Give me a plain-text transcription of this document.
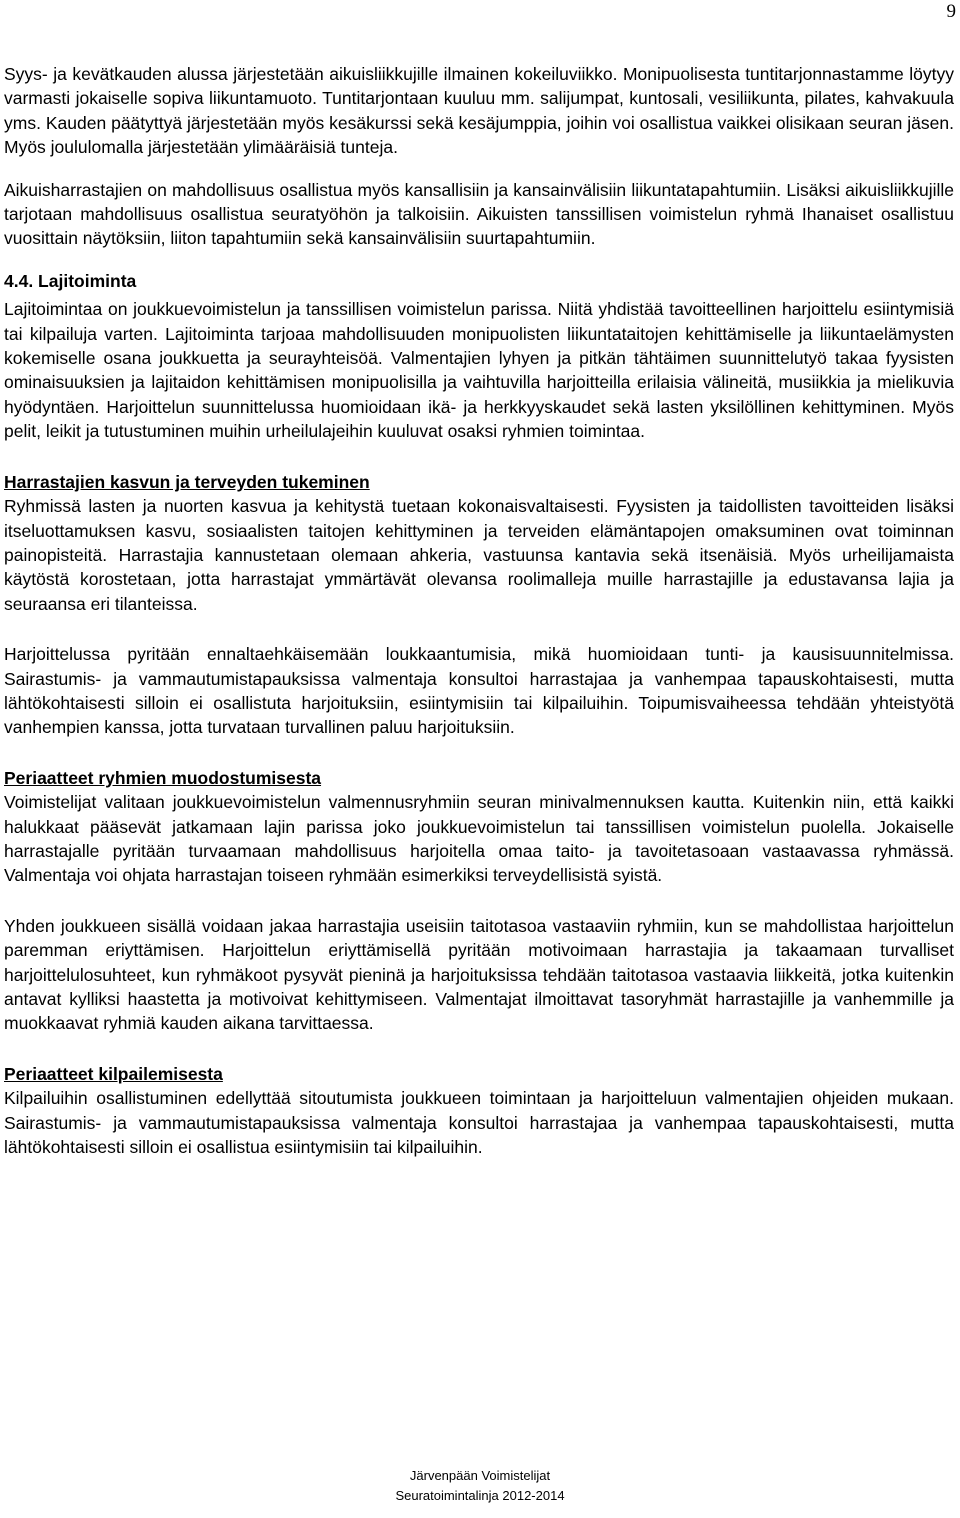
9

Syys- ja kevätkauden alussa järjestetään aikuisliikkujille ilmainen kokeiluviikko. Monipuolisesta tuntitarjonnastamme löytyy varmasti jokaiselle sopiva liikuntamuoto. Tuntitarjontaan kuuluu mm. salijumpat, kuntosali, vesiliikunta, pilates, kahvakuula yms. Kauden päätyttyä järjestetään myös kesäkurssi sekä kesäjumppia, joihin voi osallistua vaikkei olisikaan seuran jäsen. Myös joululomalla järjestetään ylimääräisiä tunteja.

Aikuisharrastajien on mahdollisuus osallistua myös kansallisiin ja kansainvälisiin liikuntatapahtumiin. Lisäksi aikuisliikkujille tarjotaan mahdollisuus osallistua seuratyöhön ja talkoisiin. Aikuisten tanssillisen voimistelun ryhmä Ihanaiset osallistuu vuosittain näytöksiin, liiton tapahtumiin sekä kansainvälisiin suurtapahtumiin.

4.4. Lajitoiminta

Lajitoimintaa on joukkuevoimistelun ja tanssillisen voimistelun parissa. Niitä yhdistää tavoitteellinen harjoittelu esiintymisiä tai kilpailuja varten. Lajitoiminta tarjoaa mahdollisuuden monipuolisten liikuntataitojen kehittämiselle ja liikuntaelämysten kokemiselle osana joukkuetta ja seurayhteisöä. Valmentajien lyhyen ja pitkän tähtäimen suunnittelutyö takaa fyysisten ominaisuuksien ja lajitaidon kehittämisen monipuolisilla ja vaihtuvilla harjoitteilla erilaisia välineitä, musiikkia ja mielikuvia hyödyntäen. Harjoittelun suunnittelussa huomioidaan ikä- ja herkkyyskaudet sekä lasten yksilöllinen kehittyminen. Myös pelit, leikit ja tutustuminen muihin urheilulajeihin kuuluvat osaksi ryhmien toimintaa.

Harrastajien kasvun ja terveyden tukeminen

Ryhmissä lasten ja nuorten kasvua ja kehitystä tuetaan kokonaisvaltaisesti. Fyysisten ja taidollisten tavoitteiden lisäksi itseluottamuksen kasvu, sosiaalisten taitojen kehittyminen ja terveiden elämäntapojen omaksuminen ovat toiminnan painopisteitä. Harrastajia kannustetaan olemaan ahkeria, vastuunsa kantavia sekä itsenäisiä. Myös urheilijamaista käytöstä korostetaan, jotta harrastajat ymmärtävät olevansa roolimalleja muille harrastajille ja edustavansa lajia ja seuraansa eri tilanteissa.

Harjoittelussa pyritään ennaltaehkäisemään loukkaantumisia, mikä huomioidaan tunti- ja kausisuunnitelmissa. Sairastumis- ja vammautumistapauksissa valmentaja konsultoi harrastajaa ja vanhempaa tapauskohtaisesti, mutta lähtökohtaisesti silloin ei osallistuta harjoituksiin, esiintymisiin tai kilpailuihin. Toipumisvaiheessa tehdään yhteistyötä vanhempien kanssa, jotta turvataan turvallinen paluu harjoituksiin.

Periaatteet ryhmien muodostumisesta

Voimistelijat valitaan joukkuevoimistelun valmennusryhmiin seuran minivalmennuksen kautta. Kuitenkin niin, että kaikki halukkaat pääsevät jatkamaan lajin parissa joko joukkuevoimistelun tai tanssillisen voimistelun puolella. Jokaiselle harrastajalle pyritään turvaamaan mahdollisuus harjoitella omaa taito- ja tavoitetasoaan vastaavassa ryhmässä. Valmentaja voi ohjata harrastajan toiseen ryhmään esimerkiksi terveydellisistä syistä.

Yhden joukkueen sisällä voidaan jakaa harrastajia useisiin taitotasoa vastaaviin ryhmiin, kun se mahdollistaa harjoittelun paremman eriyttämisen. Harjoittelun eriyttämisellä pyritään motivoimaan harrastajia ja takaamaan turvalliset harjoittelulosuhteet, kun ryhmäkoot pysyvät pieninä ja harjoituksissa tehdään taitotasoa vastaavia liikkeitä, jotka kuitenkin antavat kylliksi haastetta ja motivoivat kehittymiseen. Valmentajat ilmoittavat tasoryhmät harrastajille ja vanhemmille ja muokkaavat ryhmiä kauden aikana tarvittaessa.

Periaatteet kilpailemisesta

Kilpailuihin osallistuminen edellyttää sitoutumista joukkueen toimintaan ja harjoitteluun valmentajien ohjeiden mukaan. Sairastumis- ja vammautumistapauksissa valmentaja konsultoi harrastajaa ja vanhempaa tapauskohtaisesti, mutta lähtökohtaisesti silloin ei osallistua esiintymisiin tai kilpailuihin.

Järvenpään Voimistelijat
Seuratoimintalinja 2012-2014
